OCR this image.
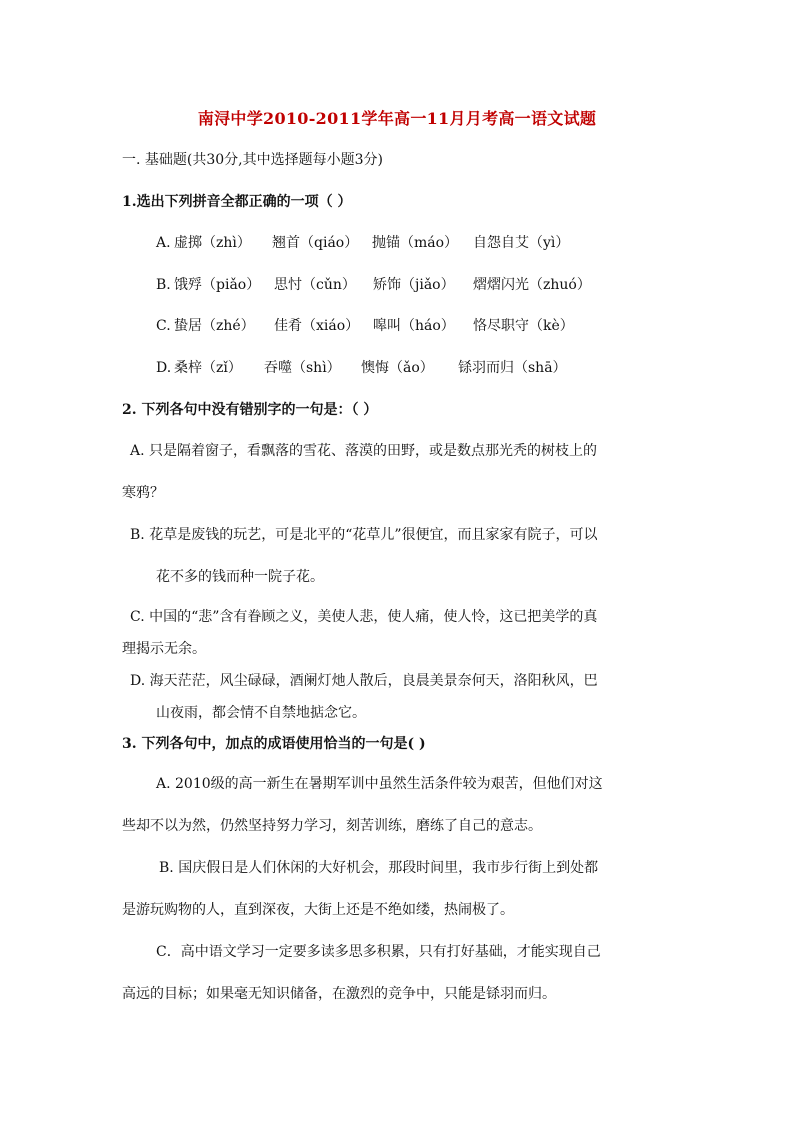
南浔中学2010-2011学年高一11月月考高一语文试题
一. 基础题(共30分,其中选择题每小题3分)
1.选出下列拼音全都正确的一项（ ）
A. 虚掷（zhì） 翘首（qiáo） 抛锚（máo） 自怨自艾（yì）
B. 饿殍（piǎo） 思忖（cǔn） 矫饰（jiǎo） 熠熠闪光（zhuó）
C. 蛰居（zhé） 佳肴（xiáo） 嗥叫（háo） 恪尽职守（kè）
D. 桑梓（zǐ） 吞噬（shì） 懊悔（ǎo） 铩羽而归（shā）
2. 下列各句中没有错别字的一句是：（ ）
A. 只是隔着窗子，看飘落的雪花、落漠的田野，或是数点那光秃的树枝上的
寒鸦？
B. 花草是废钱的玩艺，可是北平的“花草儿”很便宜，而且家家有院子，可以
花不多的钱而种一院子花。
C. 中国的“悲”含有眷顾之义，美使人悲，使人痛，使人怜，这已把美学的真
理揭示无余。
D. 海天茫茫，风尘碌碌，酒阑灯灺人散后，良晨美景奈何天，洛阳秋风，巴
山夜雨，都会情不自禁地掂念它。
3. 下列各句中，加点的成语使用恰当的一句是( )
A. 2010级的高一新生在暑期军训中虽然生活条件较为艰苦，但他们对这
些却不以为然，仍然坚持努力学习，刻苦训练，磨练了自己的意志。
B. 国庆假日是人们休闲的大好机会，那段时间里，我市步行街上到处都
是游玩购物的人，直到深夜，大街上还是不绝如缕，热闹极了。
C．高中语文学习一定要多读多思多积累，只有打好基础，才能实现自己
高远的目标；如果毫无知识储备，在激烈的竞争中，只能是铩羽而归。
